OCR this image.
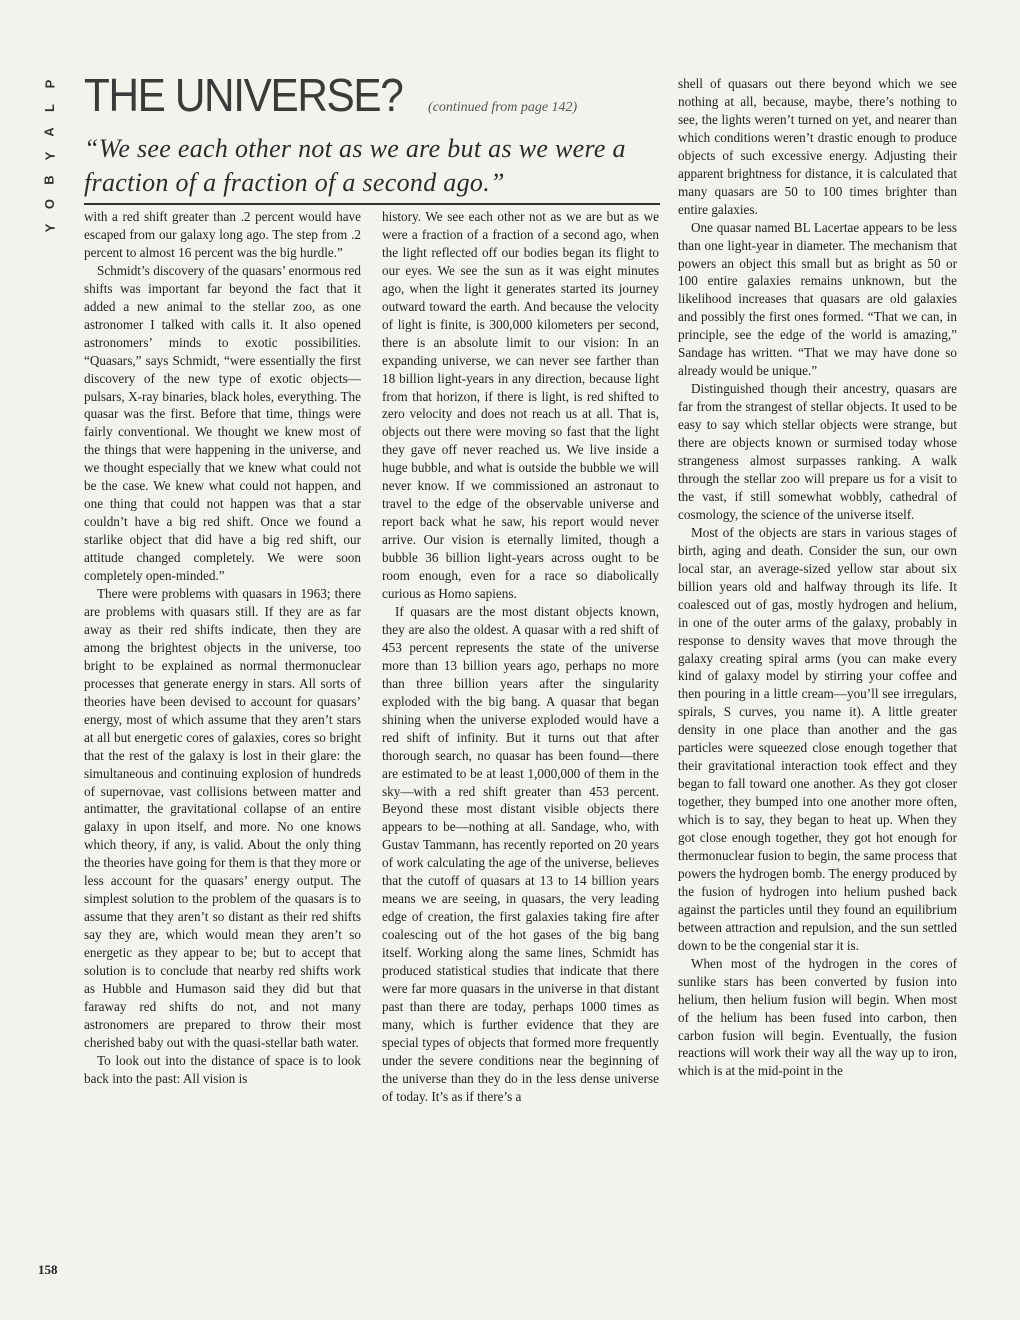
P
L
A
Y
B
O
Y
THE UNIVERSE? (continued from page 142)
“We see each other not as we are but as we were a fraction of a fraction of a second ago.”

with a red shift greater than .2 percent would have escaped from our galaxy long ago. The step from .2 percent to almost 16 percent was the big hurdle.”

Schmidt’s discovery of the quasars’ enormous red shifts was important far beyond the fact that it added a new animal to the stellar zoo, as one astronomer I talked with calls it. It also opened astronomers’ minds to exotic possibilities. “Quasars,” says Schmidt, “were essentially the first discovery of the new type of exotic objects—pulsars, X-ray binaries, black holes, everything. The quasar was the first. Before that time, things were fairly conventional. We thought we knew most of the things that were happening in the universe, and we thought especially that we knew what could not be the case. We knew what could not happen, and one thing that could not happen was that a star couldn’t have a big red shift. Once we found a starlike object that did have a big red shift, our attitude changed completely. We were soon completely open-minded.”

There were problems with quasars in 1963; there are problems with quasars still. If they are as far away as their red shifts indicate, then they are among the brightest objects in the universe, too bright to be explained as normal thermonuclear processes that generate energy in stars. All sorts of theories have been devised to account for quasars’ energy, most of which assume that they aren’t stars at all but energetic cores of galaxies, cores so bright that the rest of the galaxy is lost in their glare: the simultaneous and continuing explosion of hundreds of supernovae, vast collisions between matter and antimatter, the gravitational collapse of an entire galaxy in upon itself, and more. No one knows which theory, if any, is valid. About the only thing the theories have going for them is that they more or less account for the quasars’ energy output. The simplest solution to the problem of the quasars is to assume that they aren’t so distant as their red shifts say they are, which would mean they aren’t so energetic as they appear to be; but to accept that solution is to conclude that nearby red shifts work as Hubble and Humason said they did but that faraway red shifts do not, and not many astronomers are prepared to throw their most cherished baby out with the quasi-stellar bath water.

To look out into the distance of space is to look back into the past: All vision is

history. We see each other not as we are but as we were a fraction of a fraction of a second ago, when the light reflected off our bodies began its flight to our eyes. We see the sun as it was eight minutes ago, when the light it generates started its journey outward toward the earth. And because the velocity of light is finite, is 300,000 kilometers per second, there is an absolute limit to our vision: In an expanding universe, we can never see farther than 18 billion light-years in any direction, because light from that horizon, if there is light, is red shifted to zero velocity and does not reach us at all. That is, objects out there were moving so fast that the light they gave off never reached us. We live inside a huge bubble, and what is outside the bubble we will never know. If we commissioned an astronaut to travel to the edge of the observable universe and report back what he saw, his report would never arrive. Our vision is eternally limited, though a bubble 36 billion light-years across ought to be room enough, even for a race so diabolically curious as Homo sapiens.

If quasars are the most distant objects known, they are also the oldest. A quasar with a red shift of 453 percent represents the state of the universe more than 13 billion years ago, perhaps no more than three billion years after the singularity exploded with the big bang. A quasar that began shining when the universe exploded would have a red shift of infinity. But it turns out that after thorough search, no quasar has been found—there are estimated to be at least 1,000,000 of them in the sky—with a red shift greater than 453 percent. Beyond these most distant visible objects there appears to be—nothing at all. Sandage, who, with Gustav Tammann, has recently reported on 20 years of work calculating the age of the universe, believes that the cutoff of quasars at 13 to 14 billion years means we are seeing, in quasars, the very leading edge of creation, the first galaxies taking fire after coalescing out of the hot gases of the big bang itself. Working along the same lines, Schmidt has produced statistical studies that indicate that there were far more quasars in the universe in that distant past than there are today, perhaps 1000 times as many, which is further evidence that they are special types of objects that formed more frequently under the severe conditions near the beginning of the universe than they do in the less dense universe of today. It’s as if there’s a

shell of quasars out there beyond which we see nothing at all, because, maybe, there’s nothing to see, the lights weren’t turned on yet, and nearer than which conditions weren’t drastic enough to produce objects of such excessive energy. Adjusting their apparent brightness for distance, it is calculated that many quasars are 50 to 100 times brighter than entire galaxies.

One quasar named BL Lacertae appears to be less than one light-year in diameter. The mechanism that powers an object this small but as bright as 50 or 100 entire galaxies remains unknown, but the likelihood increases that quasars are old galaxies and possibly the first ones formed. “That we can, in principle, see the edge of the world is amazing,” Sandage has written. “That we may have done so already would be unique.”

Distinguished though their ancestry, quasars are far from the strangest of stellar objects. It used to be easy to say which stellar objects were strange, but there are objects known or surmised today whose strangeness almost surpasses ranking. A walk through the stellar zoo will prepare us for a visit to the vast, if still somewhat wobbly, cathedral of cosmology, the science of the universe itself.

Most of the objects are stars in various stages of birth, aging and death. Consider the sun, our own local star, an average-sized yellow star about six billion years old and halfway through its life. It coalesced out of gas, mostly hydrogen and helium, in one of the outer arms of the galaxy, probably in response to density waves that move through the galaxy creating spiral arms (you can make every kind of galaxy model by stirring your coffee and then pouring in a little cream—you’ll see irregulars, spirals, S curves, you name it). A little greater density in one place than another and the gas particles were squeezed close enough together that their gravitational interaction took effect and they began to fall toward one another. As they got closer together, they bumped into one another more often, which is to say, they began to heat up. When they got close enough together, they got hot enough for thermonuclear fusion to begin, the same process that powers the hydrogen bomb. The energy produced by the fusion of hydrogen into helium pushed back against the particles until they found an equilibrium between attraction and repulsion, and the sun settled down to be the congenial star it is.

When most of the hydrogen in the cores of sunlike stars has been converted by fusion into helium, then helium fusion will begin. When most of the helium has been fused into carbon, then carbon fusion will begin. Eventually, the fusion reactions will work their way all the way up to iron, which is at the mid-point in the

158
